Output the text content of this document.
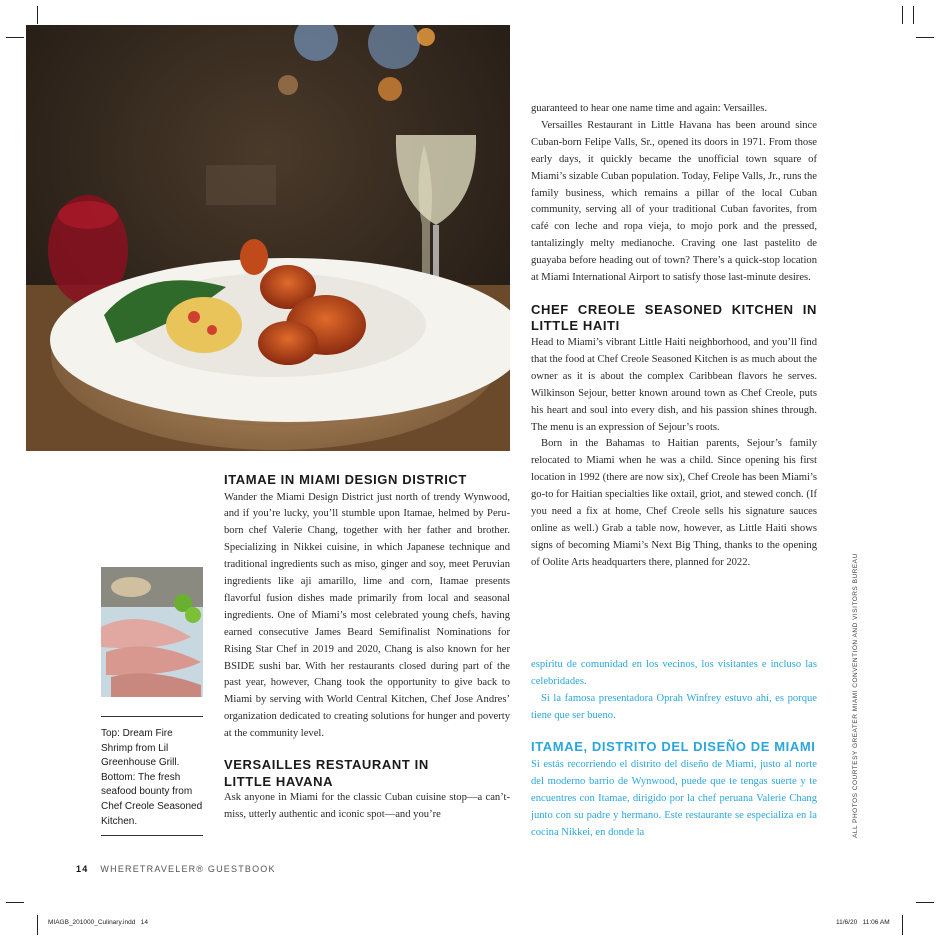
Top: Dream Fire Shrimp from Lil Greenhouse Grill. Bottom: The fresh seafood bounty from Chef Creole Seasoned Kitchen.
ITAMAE IN MIAMI DESIGN DISTRICT

Wander the Miami Design District just north of trendy Wynwood, and if you’re lucky, you’ll stumble upon Itamae, helmed by Peru-born chef Valerie Chang, together with her father and brother. Specializing in Nikkei cuisine, in which Japanese technique and traditional ingredients such as miso, ginger and soy, meet Peruvian ingredients like aji amarillo, lime and corn, Itamae presents flavorful fusion dishes made primarily from local and seasonal ingredients. One of Miami’s most celebrated young chefs, having earned consecutive James Beard Semifinalist Nominations for Rising Star Chef in 2019 and 2020, Chang is also known for her BSIDE sushi bar. With her restaurants closed during part of the past year, however, Chang took the opportunity to give back to Miami by serving with World Central Kitchen, Chef Jose Andres’ organization dedicated to creating solutions for hunger and poverty at the community level.

VERSAILLES RESTAURANT IN
LITTLE HAVANA

Ask anyone in Miami for the classic Cuban cuisine stop—a can’t-miss, utterly authentic and iconic spot—and you’re

guaranteed to hear one name time and again: Versailles.

Versailles Restaurant in Little Havana has been around since Cuban-born Felipe Valls, Sr., opened its doors in 1971. From those early days, it quickly became the unofficial town square of Miami’s sizable Cuban population. Today, Felipe Valls, Jr., runs the family business, which remains a pillar of the local Cuban community, serving all of your traditional Cuban favorites, from café con leche and ropa vieja, to mojo pork and the pressed, tantalizingly melty medianoche. Craving one last pastelito de guayaba before heading out of town? There’s a quick-stop location at Miami International Airport to satisfy those last-minute desires.

CHEF CREOLE SEASONED KITCHEN IN
LITTLE HAITI

Head to Miami’s vibrant Little Haiti neighborhood, and you’ll find that the food at Chef Creole Seasoned Kitchen is as much about the owner as it is about the complex Caribbean flavors he serves. Wilkinson Sejour, better known around town as Chef Creole, puts his heart and soul into every dish, and his passion shines through. The menu is an expression of Sejour’s roots.

Born in the Bahamas to Haitian parents, Sejour’s family relocated to Miami when he was a child. Since opening his first location in 1992 (there are now six), Chef Creole has been Miami’s go-to for Haitian specialties like oxtail, griot, and stewed conch. (If you need a fix at home, Chef Creole sells his signature sauces online as well.) Grab a table now, however, as Little Haiti shows signs of becoming Miami’s Next Big Thing, thanks to the opening of Oolite Arts headquarters there, planned for 2022.

espíritu de comunidad en los vecinos, los visitantes e incluso las celebridades.

Si la famosa presentadora Oprah Winfrey estuvo ahí, es porque tiene que ser bueno.

ITAMAE, DISTRITO DEL DISEÑO DE MIAMI

Si estás recorriendo el distrito del diseño de Miami, justo al norte del moderno barrio de Wynwood, puede que te tengas suerte y te encuentres con Itamae, dirigido por la chef peruana Valerie Chang junto con su padre y hermano. Este restaurante se especializa en la cocina Nikkei, en donde la	ALL PHOTOS COURTESY GREATER MIAMI CONVENTION AND VISITORS BUREAU
14 WHERETRAVELER® GUESTBOOK
MIAGB_201000_Culinary.indd   14	11/6/20   11:06 AM
